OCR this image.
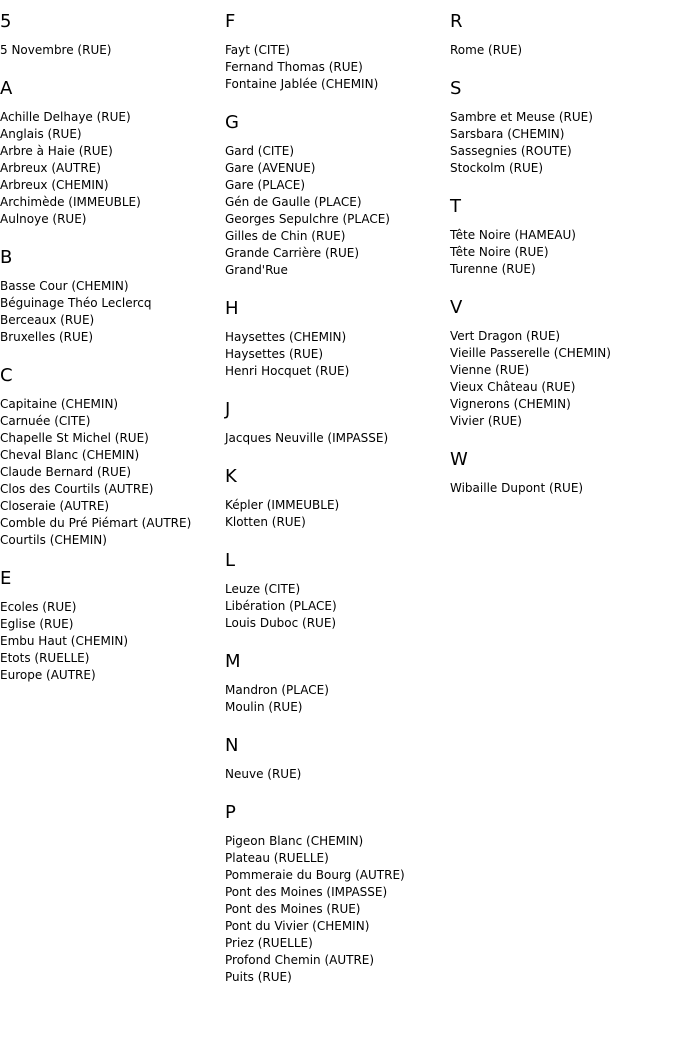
5
5 Novembre (RUE)
A
Achille Delhaye (RUE)
Anglais (RUE)
Arbre à Haie (RUE)
Arbreux (AUTRE)
Arbreux (CHEMIN)
Archimède (IMMEUBLE)
Aulnoye (RUE)
B
Basse Cour (CHEMIN)
Béguinage Théo Leclercq
Berceaux (RUE)
Bruxelles (RUE)
C
Capitaine (CHEMIN)
Carnuée (CITE)
Chapelle St Michel (RUE)
Cheval Blanc (CHEMIN)
Claude Bernard (RUE)
Clos des Courtils (AUTRE)
Closeraie (AUTRE)
Comble du Pré Piémart (AUTRE)
Courtils (CHEMIN)
E
Ecoles (RUE)
Eglise (RUE)
Embu Haut (CHEMIN)
Etots (RUELLE)
Europe (AUTRE)
F
Fayt (CITE)
Fernand Thomas (RUE)
Fontaine Jablée (CHEMIN)
G
Gard (CITE)
Gare (AVENUE)
Gare (PLACE)
Gén de Gaulle (PLACE)
Georges Sepulchre (PLACE)
Gilles de Chin (RUE)
Grande Carrière (RUE)
Grand'Rue
H
Haysettes (CHEMIN)
Haysettes (RUE)
Henri Hocquet (RUE)
J
Jacques Neuville (IMPASSE)
K
Képler (IMMEUBLE)
Klotten (RUE)
L
Leuze (CITE)
Libération (PLACE)
Louis Duboc (RUE)
M
Mandron (PLACE)
Moulin (RUE)
N
Neuve (RUE)
P
Pigeon Blanc (CHEMIN)
Plateau (RUELLE)
Pommeraie du Bourg (AUTRE)
Pont des Moines (IMPASSE)
Pont des Moines (RUE)
Pont du Vivier (CHEMIN)
Priez (RUELLE)
Profond Chemin (AUTRE)
Puits (RUE)
R
Rome (RUE)
S
Sambre et Meuse (RUE)
Sarsbara (CHEMIN)
Sassegnies (ROUTE)
Stockolm (RUE)
T
Tête Noire (HAMEAU)
Tête Noire (RUE)
Turenne (RUE)
V
Vert Dragon (RUE)
Vieille Passerelle (CHEMIN)
Vienne (RUE)
Vieux Château (RUE)
Vignerons (CHEMIN)
Vivier (RUE)
W
Wibaille Dupont (RUE)
